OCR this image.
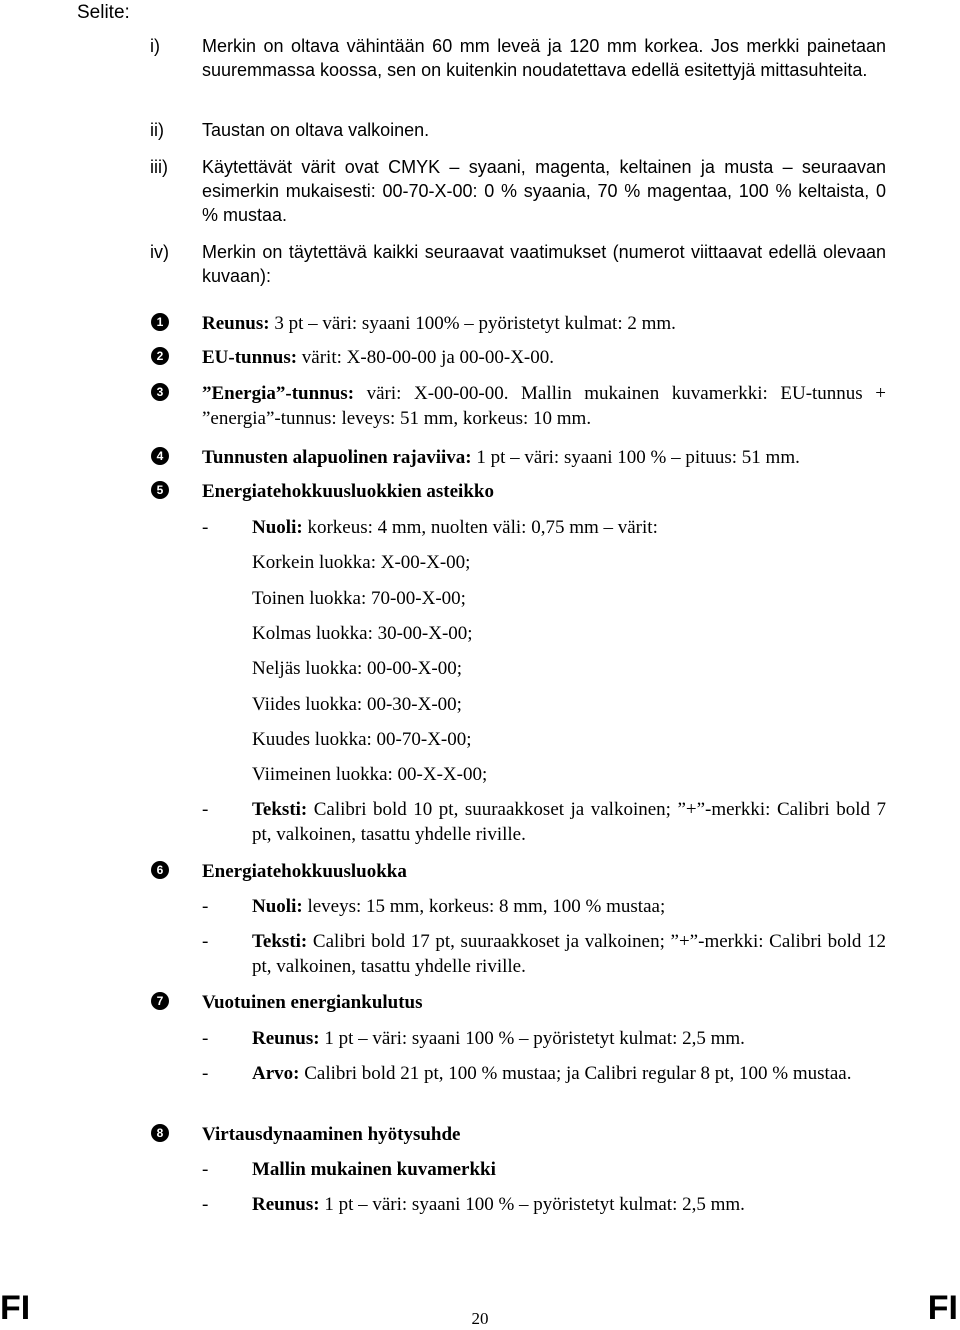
Selite:
i) Merkin on oltava vähintään 60 mm leveä ja 120 mm korkea. Jos merkki painetaan suuremmassa koossa, sen on kuitenkin noudatettava edellä esitettyjä mittasuhteita.
ii) Taustan on oltava valkoinen.
iii) Käytettävät värit ovat CMYK – syaani, magenta, keltainen ja musta – seuraavan esimerkin mukaisesti: 00-70-X-00: 0 % syaania, 70 % magentaa, 100 % keltaista, 0 % mustaa.
iv) Merkin on täytettävä kaikki seuraavat vaatimukset (numerot viittaavat edellä olevaan kuvaan):
1 Reunus: 3 pt – väri: syaani 100% – pyöristetyt kulmat: 2 mm.
2 EU-tunnus: värit: X-80-00-00 ja 00-00-X-00.
3 ”Energia”-tunnus: väri: X-00-00-00. Mallin mukainen kuvamerkki: EU-tunnus + ”energia”-tunnus: leveys: 51 mm, korkeus: 10 mm.
4 Tunnusten alapuolinen rajaviiva: 1 pt – väri: syaani 100 % – pituus: 51 mm.
5 Energiatehokkuusluokkien asteikko
- Nuoli: korkeus: 4 mm, nuolten väli: 0,75 mm – värit:
Korkein luokka: X-00-X-00;
Toinen luokka: 70-00-X-00;
Kolmas luokka: 30-00-X-00;
Neljäs luokka: 00-00-X-00;
Viides luokka: 00-30-X-00;
Kuudes luokka: 00-70-X-00;
Viimeinen luokka: 00-X-X-00;
- Teksti: Calibri bold 10 pt, suuraakkoset ja valkoinen; ”+”-merkki: Calibri bold 7 pt, valkoinen, tasattu yhdelle riville.
6 Energiatehokkuusluokka
- Nuoli: leveys: 15 mm, korkeus: 8 mm, 100 % mustaa;
- Teksti: Calibri bold 17 pt, suuraakkoset ja valkoinen; ”+”-merkki: Calibri bold 12 pt, valkoinen, tasattu yhdelle riville.
7 Vuotuinen energiankulutus
- Reunus: 1 pt – väri: syaani 100 % – pyöristetyt kulmat: 2,5 mm.
- Arvo: Calibri bold 21 pt, 100 % mustaa; ja Calibri regular 8 pt, 100 % mustaa.
8 Virtausdynaaminen hyötysuhde
- Mallin mukainen kuvamerkki
- Reunus: 1 pt – väri: syaani 100 % – pyöristetyt kulmat: 2,5 mm.
FI	20	FI
